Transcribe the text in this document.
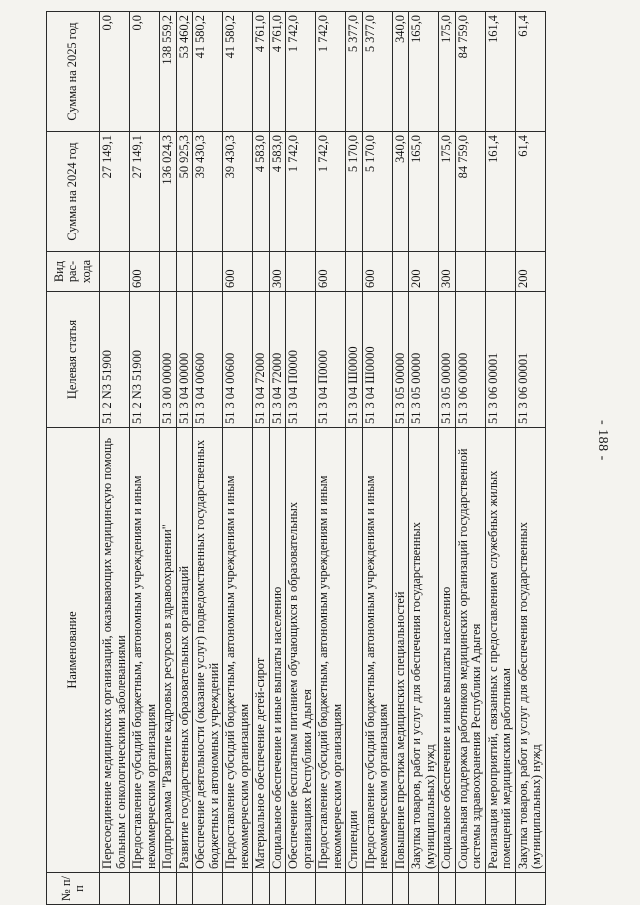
- 188 -
№ п/п	Наименование	Целевая статья	Вид рас-хода	Сумма на 2024 год	Сумма на 2025 год
	Пересоединение медицинских организаций, оказывающих медицинскую помощь больным с онкологическими заболеваниями	51 2 N3 51900		27 149,1	0,0
	Предоставление субсидий бюджетным, автономным учреждениям и иным некоммерческим организациям	51 2 N3 51900	600	27 149,1	0,0
	Подпрограмма "Развитие кадровых ресурсов в здравоохранении"	51 3 00 00000		136 024,3	138 559,2
	Развитие государственных образовательных организаций	51 3 04 00000		50 925,3	53 460,2
	Обеспечение деятельности (оказание услуг) подведомственных государственных бюджетных и автономных учреждений	51 3 04 00600		39 430,3	41 580,2
	Предоставление субсидий бюджетным, автономным учреждениям и иным некоммерческим организациям	51 3 04 00600	600	39 430,3	41 580,2
	Материальное обеспечение детей-сирот	51 3 04 72000		4 583,0	4 761,0
	Социальное обеспечение и иные выплаты населению	51 3 04 72000	300	4 583,0	4 761,0
	Обеспечение бесплатным питанием обучающихся в образовательных организациях Республики Адыгея	51 3 04 П0000		1 742,0	1 742,0
	Предоставление субсидий бюджетным, автономным учреждениям и иным некоммерческим организациям	51 3 04 П0000	600	1 742,0	1 742,0
	Стипендии	51 3 04 Ш0000		5 170,0	5 377,0
	Предоставление субсидий бюджетным, автономным учреждениям и иным некоммерческим организациям	51 3 04 Ш0000	600	5 170,0	5 377,0
	Повышение престижа медицинских специальностей	51 3 05 00000		340,0	340,0
	Закупка товаров, работ и услуг для обеспечения государственных (муниципальных) нужд	51 3 05 00000	200	165,0	165,0
	Социальное обеспечение и иные выплаты населению	51 3 05 00000	300	175,0	175,0
	Социальная поддержка работников медицинских организаций государственной системы здравоохранения Республики Адыгея	51 3 06 00000		84 759,0	84 759,0
	Реализация мероприятий, связанных с предоставлением служебных жилых помещений медицинским работникам	51 3 06 00001		161,4	161,4
	Закупка товаров, работ и услуг для обеспечения государственных (муниципальных) нужд	51 3 06 00001	200	61,4	61,4
